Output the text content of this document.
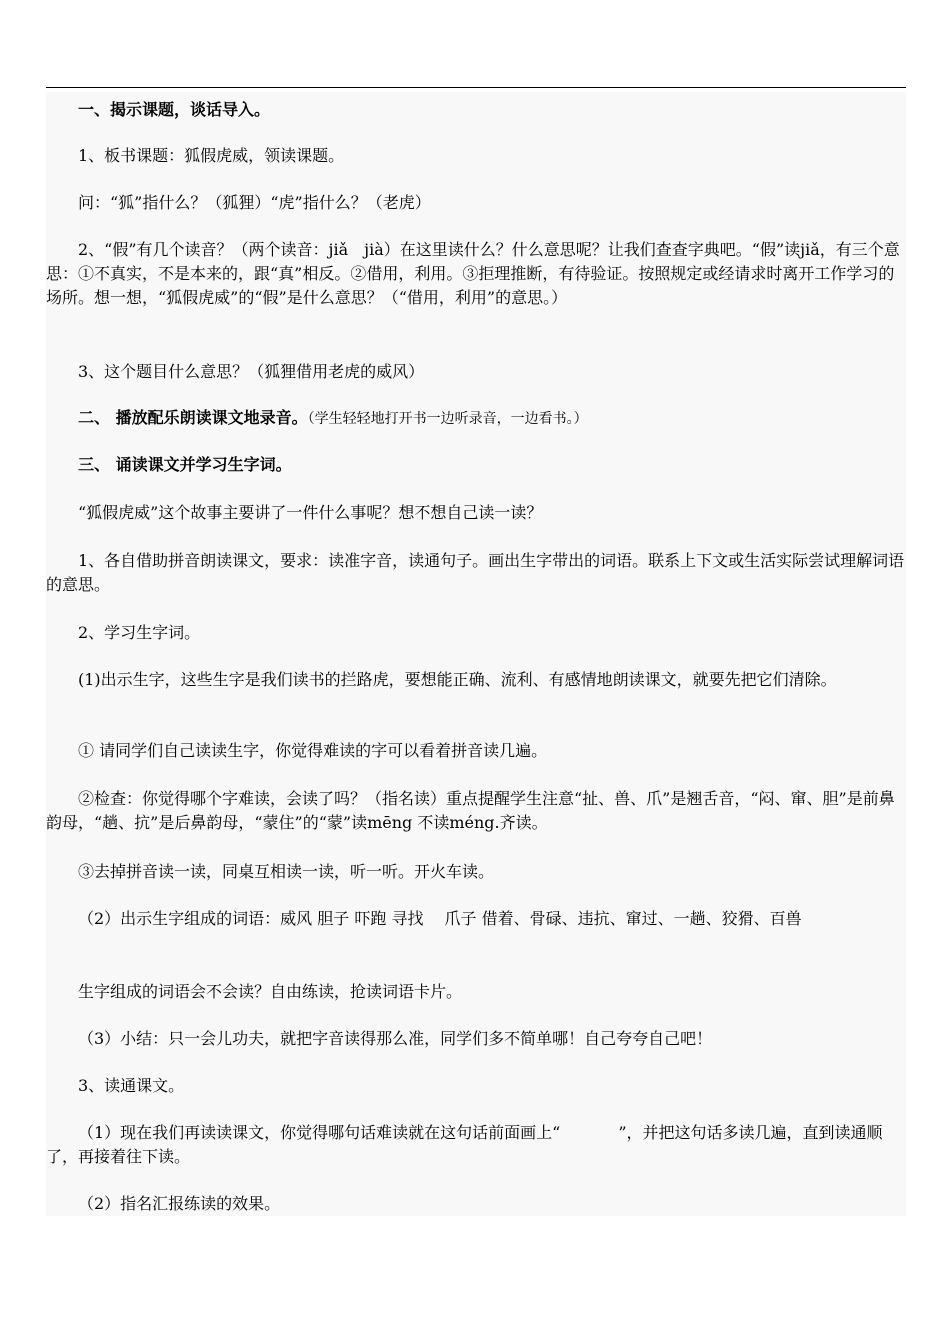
一、揭示课题，谈话导入。

1、板书课题：狐假虎威，领读课题。

问：“狐”指什么？（狐狸）“虎”指什么？（老虎）

2、“假”有几个读音？（两个读音：jiǎ　jià）在这里读什么？什么意思呢？让我们查查字典吧。“假”读jiǎ，有三个意思：①不真实，不是本来的，跟“真”相反。②借用，利用。③拒理推断，有待验证。按照规定或经请求时离开工作学习的场所。想一想，“狐假虎威”的“假”是什么意思？（“借用，利用”的意思。）

3、这个题目什么意思？（狐狸借用老虎的威风）

二、 播放配乐朗读课文地录音。（学生轻轻地打开书一边听录音，一边看书。）

三、 诵读课文并学习生字词。

“狐假虎威”这个故事主要讲了一件什么事呢？想不想自己读一读？

1、各自借助拼音朗读课文，要求：读准字音，读通句子。画出生字带出的词语。联系上下文或生活实际尝试理解词语的意思。

2、学习生字词。

(1)出示生字，这些生字是我们读书的拦路虎，要想能正确、流利、有感情地朗读课文，就要先把它们清除。

① 请同学们自己读读生字，你觉得难读的字可以看着拼音读几遍。

②检查：你觉得哪个字难读，会读了吗？（指名读）重点提醒学生注意“扯、兽、爪”是翘舌音，“闷、窜、胆”是前鼻韵母，“趟、抗”是后鼻韵母，“蒙住”的“蒙”读mēng 不读méng.齐读。

③去掉拼音读一读，同桌互相读一读，听一听。开火车读。

（2）出示生字组成的词语：威风 胆子 吓跑 寻找　 爪子 借着、骨碌、违抗、窜过、一趟、狡猾、百兽

生字组成的词语会不会读？自由练读，抢读词语卡片。

（3）小结：只一会儿功夫，就把字音读得那么准，同学们多不简单哪！自己夸夸自己吧！

3、读通课文。

（1）现在我们再读读课文，你觉得哪句话难读就在这句话前面画上“	”，并把这句话多读几遍，直到读通顺了，再接着往下读。

（2）指名汇报练读的效果。
